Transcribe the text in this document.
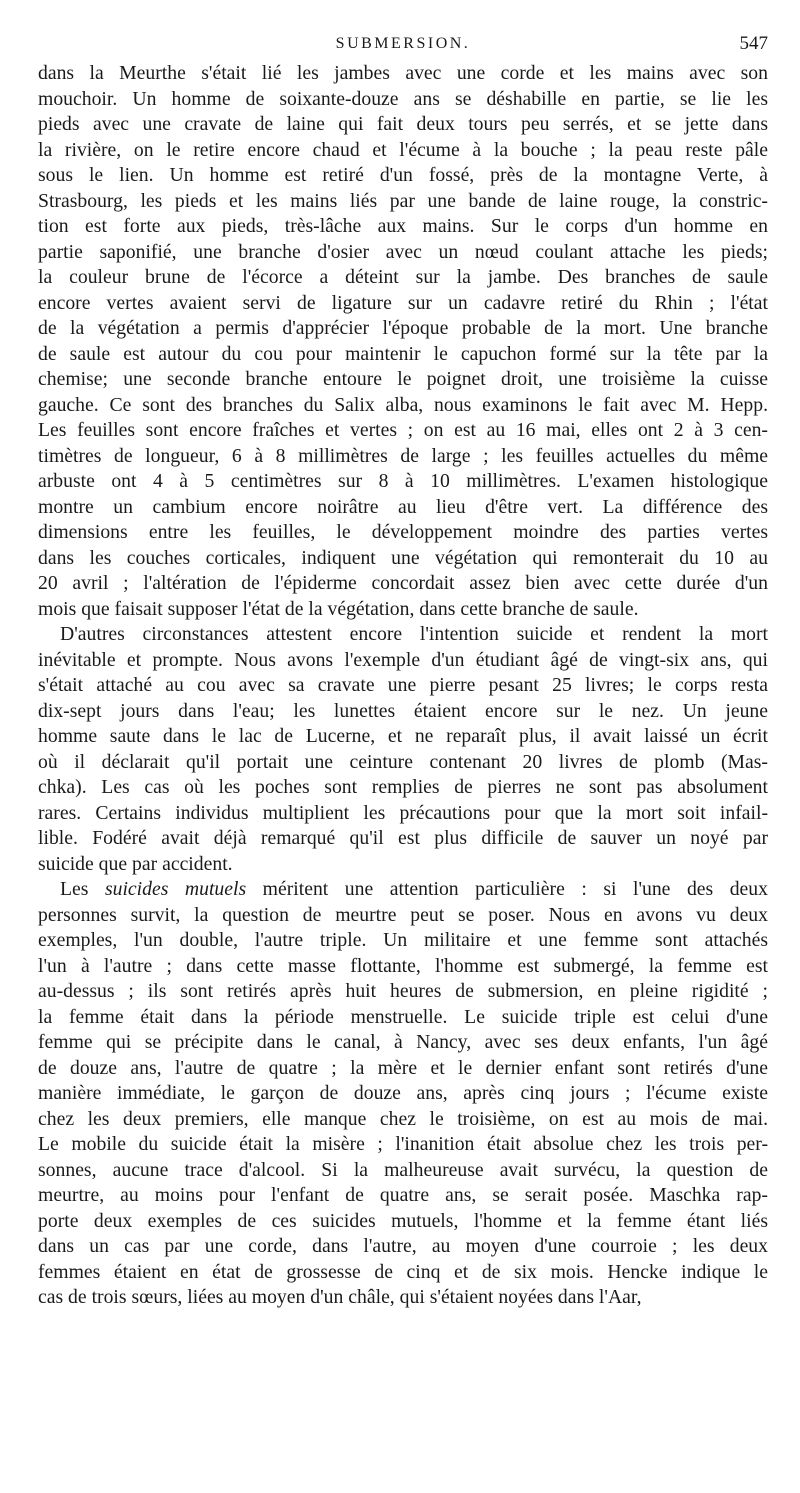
SUBMERSION.	547
dans la Meurthe s'était lié les jambes avec une corde et les mains avec son
mouchoir. Un homme de soixante-douze ans se déshabille en partie, se lie les
pieds avec une cravate de laine qui fait deux tours peu serrés, et se jette dans
la rivière, on le retire encore chaud et l'écume à la bouche ; la peau reste pâle
sous le lien. Un homme est retiré d'un fossé, près de la montagne Verte, à
Strasbourg, les pieds et les mains liés par une bande de laine rouge, la constric-
tion est forte aux pieds, très-lâche aux mains. Sur le corps d'un homme en
partie saponifié, une branche d'osier avec un nœud coulant attache les pieds;
la couleur brune de l'écorce a déteint sur la jambe. Des branches de saule
encore vertes avaient servi de ligature sur un cadavre retiré du Rhin ; l'état
de la végétation a permis d'apprécier l'époque probable de la mort. Une branche
de saule est autour du cou pour maintenir le capuchon formé sur la tête par la
chemise; une seconde branche entoure le poignet droit, une troisième la cuisse
gauche. Ce sont des branches du Salix alba, nous examinons le fait avec M. Hepp.
Les feuilles sont encore fraîches et vertes ; on est au 16 mai, elles ont 2 à 3 cen-
timètres de longueur, 6 à 8 millimètres de large ; les feuilles actuelles du même
arbuste ont 4 à 5 centimètres sur 8 à 10 millimètres. L'examen histologique
montre un cambium encore noirâtre au lieu d'être vert. La différence des
dimensions entre les feuilles, le développement moindre des parties vertes
dans les couches corticales, indiquent une végétation qui remonterait du 10 au
20 avril ; l'altération de l'épiderme concordait assez bien avec cette durée d'un
mois que faisait supposer l'état de la végétation, dans cette branche de saule.
D'autres circonstances attestent encore l'intention suicide et rendent la mort
inévitable et prompte. Nous avons l'exemple d'un étudiant âgé de vingt-six ans, qui
s'était attaché au cou avec sa cravate une pierre pesant 25 livres; le corps resta
dix-sept jours dans l'eau; les lunettes étaient encore sur le nez. Un jeune
homme saute dans le lac de Lucerne, et ne reparaît plus, il avait laissé un écrit
où il déclarait qu'il portait une ceinture contenant 20 livres de plomb (Mas-
chka). Les cas où les poches sont remplies de pierres ne sont pas absolument
rares. Certains individus multiplient les précautions pour que la mort soit infail-
lible. Fodéré avait déjà remarqué qu'il est plus difficile de sauver un noyé par
suicide que par accident.
Les suicides mutuels méritent une attention particulière : si l'une des deux
personnes survit, la question de meurtre peut se poser. Nous en avons vu deux
exemples, l'un double, l'autre triple. Un militaire et une femme sont attachés
l'un à l'autre ; dans cette masse flottante, l'homme est submergé, la femme est
au-dessus ; ils sont retirés après huit heures de submersion, en pleine rigidité ;
la femme était dans la période menstruelle. Le suicide triple est celui d'une
femme qui se précipite dans le canal, à Nancy, avec ses deux enfants, l'un âgé
de douze ans, l'autre de quatre ; la mère et le dernier enfant sont retirés d'une
manière immédiate, le garçon de douze ans, après cinq jours ; l'écume existe
chez les deux premiers, elle manque chez le troisième, on est au mois de mai.
Le mobile du suicide était la misère ; l'inanition était absolue chez les trois per-
sonnes, aucune trace d'alcool. Si la malheureuse avait survécu, la question de
meurtre, au moins pour l'enfant de quatre ans, se serait posée. Maschka rap-
porte deux exemples de ces suicides mutuels, l'homme et la femme étant liés
dans un cas par une corde, dans l'autre, au moyen d'une courroie ; les deux
femmes étaient en état de grossesse de cinq et de six mois. Hencke indique le
cas de trois sœurs, liées au moyen d'un châle, qui s'étaient noyées dans l'Aar,
